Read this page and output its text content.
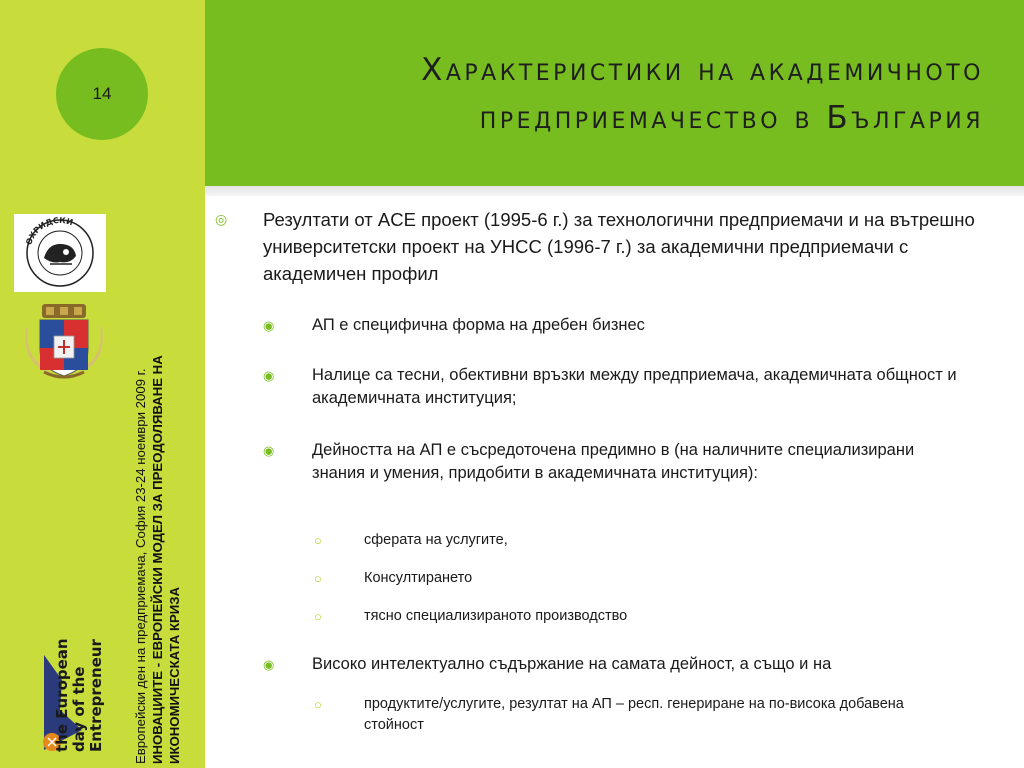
14
Характеристики на академичното
предприемачество в България
ОХРИДСКИ
the European day of the Entrepreneur Европейски ден на предприемача, София 23-24 ноември 2009 г. ИНОВАЦИИТЕ - ЕВРОПЕЙСКИ МОДЕЛ ЗА ПРЕОДОЛЯВАНЕ НА ИКОНОМИЧЕСКАТА КРИЗА
◎	Резултати от ACE проект (1995-6 г.) за технологични предприемачи и на вътрешно университетски проект на УНСС (1996-7 г.) за академични предприемачи с академичен профил
◉	АП е специфична форма на дребен бизнес
◉	Налице са тесни, обективни връзки между предприемача, академичната общност и академичната институция;
◉	Дейността на АП е съсредоточена предимно в (на наличните специализирани знания и умения, придобити в академичната институция):
○	сферата на услугите,
○	Консултирането
○	тясно специализираното производство
◉	Високо интелектуално съдържание на самата дейност, а също и на
○	продуктите/услугите, резултат на АП – респ. генериране на по-висока добавена стойност
